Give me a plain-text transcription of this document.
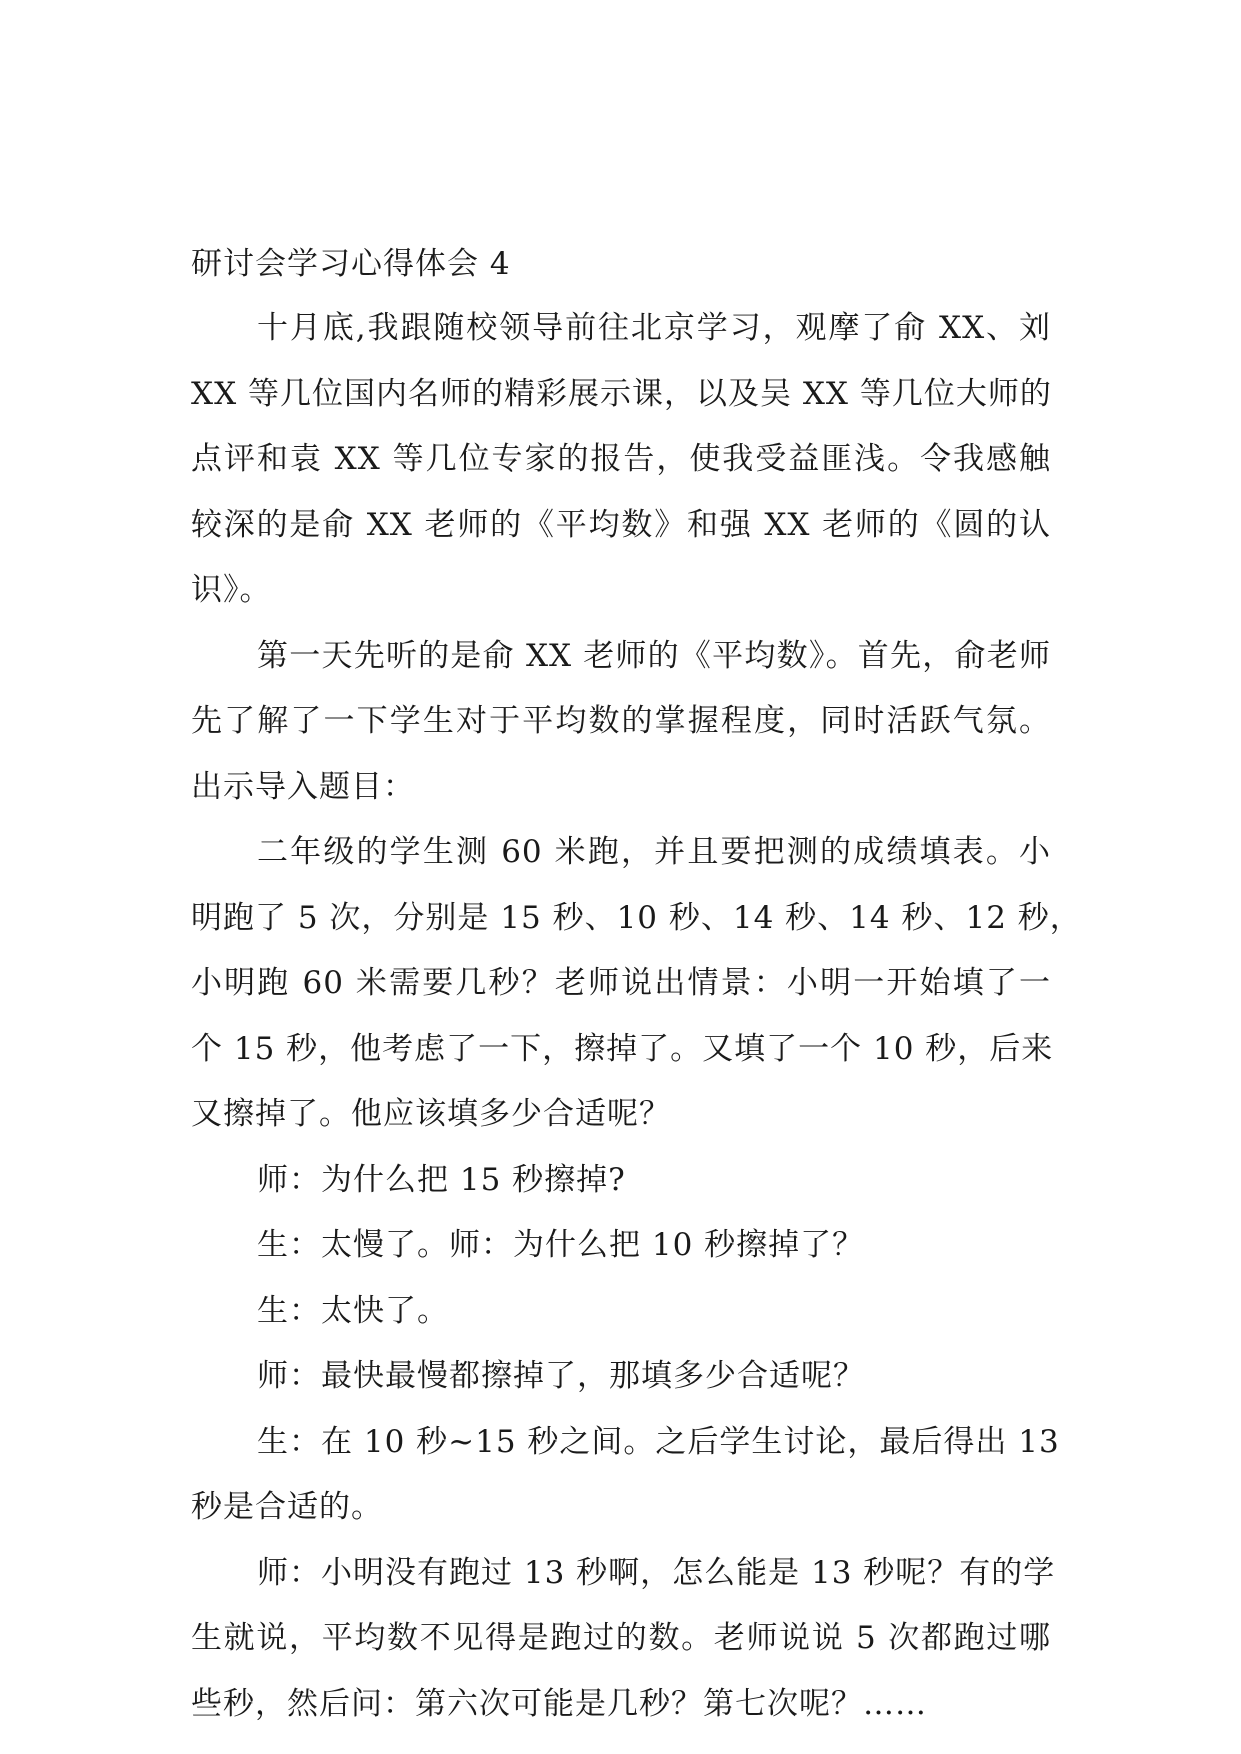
研讨会学习心得体会 4

十月底,我跟随校领导前往北京学习，观摩了俞 XX、刘
XX 等几位国内名师的精彩展示课，以及吴 XX 等几位大师的
点评和袁 XX 等几位专家的报告，使我受益匪浅。令我感触
较深的是俞 XX 老师的《平均数》和强 XX 老师的《圆的认
识》。

第一天先听的是俞 XX 老师的《平均数》。首先，俞老师
先了解了一下学生对于平均数的掌握程度，同时活跃气氛。
出示导入题目：

二年级的学生测 60 米跑，并且要把测的成绩填表。小
明跑了 5 次，分别是 15 秒、10 秒、14 秒、14 秒、12 秒，
小明跑 60 米需要几秒？老师说出情景：小明一开始填了一
个 15 秒，他考虑了一下，擦掉了。又填了一个 10 秒，后来
又擦掉了。他应该填多少合适呢？

师：为什么把 15 秒擦掉?

生：太慢了。师：为什么把 10 秒擦掉了？

生：太快了。

师：最快最慢都擦掉了，那填多少合适呢？

生：在 10 秒~15 秒之间。之后学生讨论，最后得出 13
秒是合适的。

师：小明没有跑过 13 秒啊，怎么能是 13 秒呢？有的学
生就说，平均数不见得是跑过的数。老师说说 5 次都跑过哪
些秒，然后问：第六次可能是几秒？第七次呢？……
